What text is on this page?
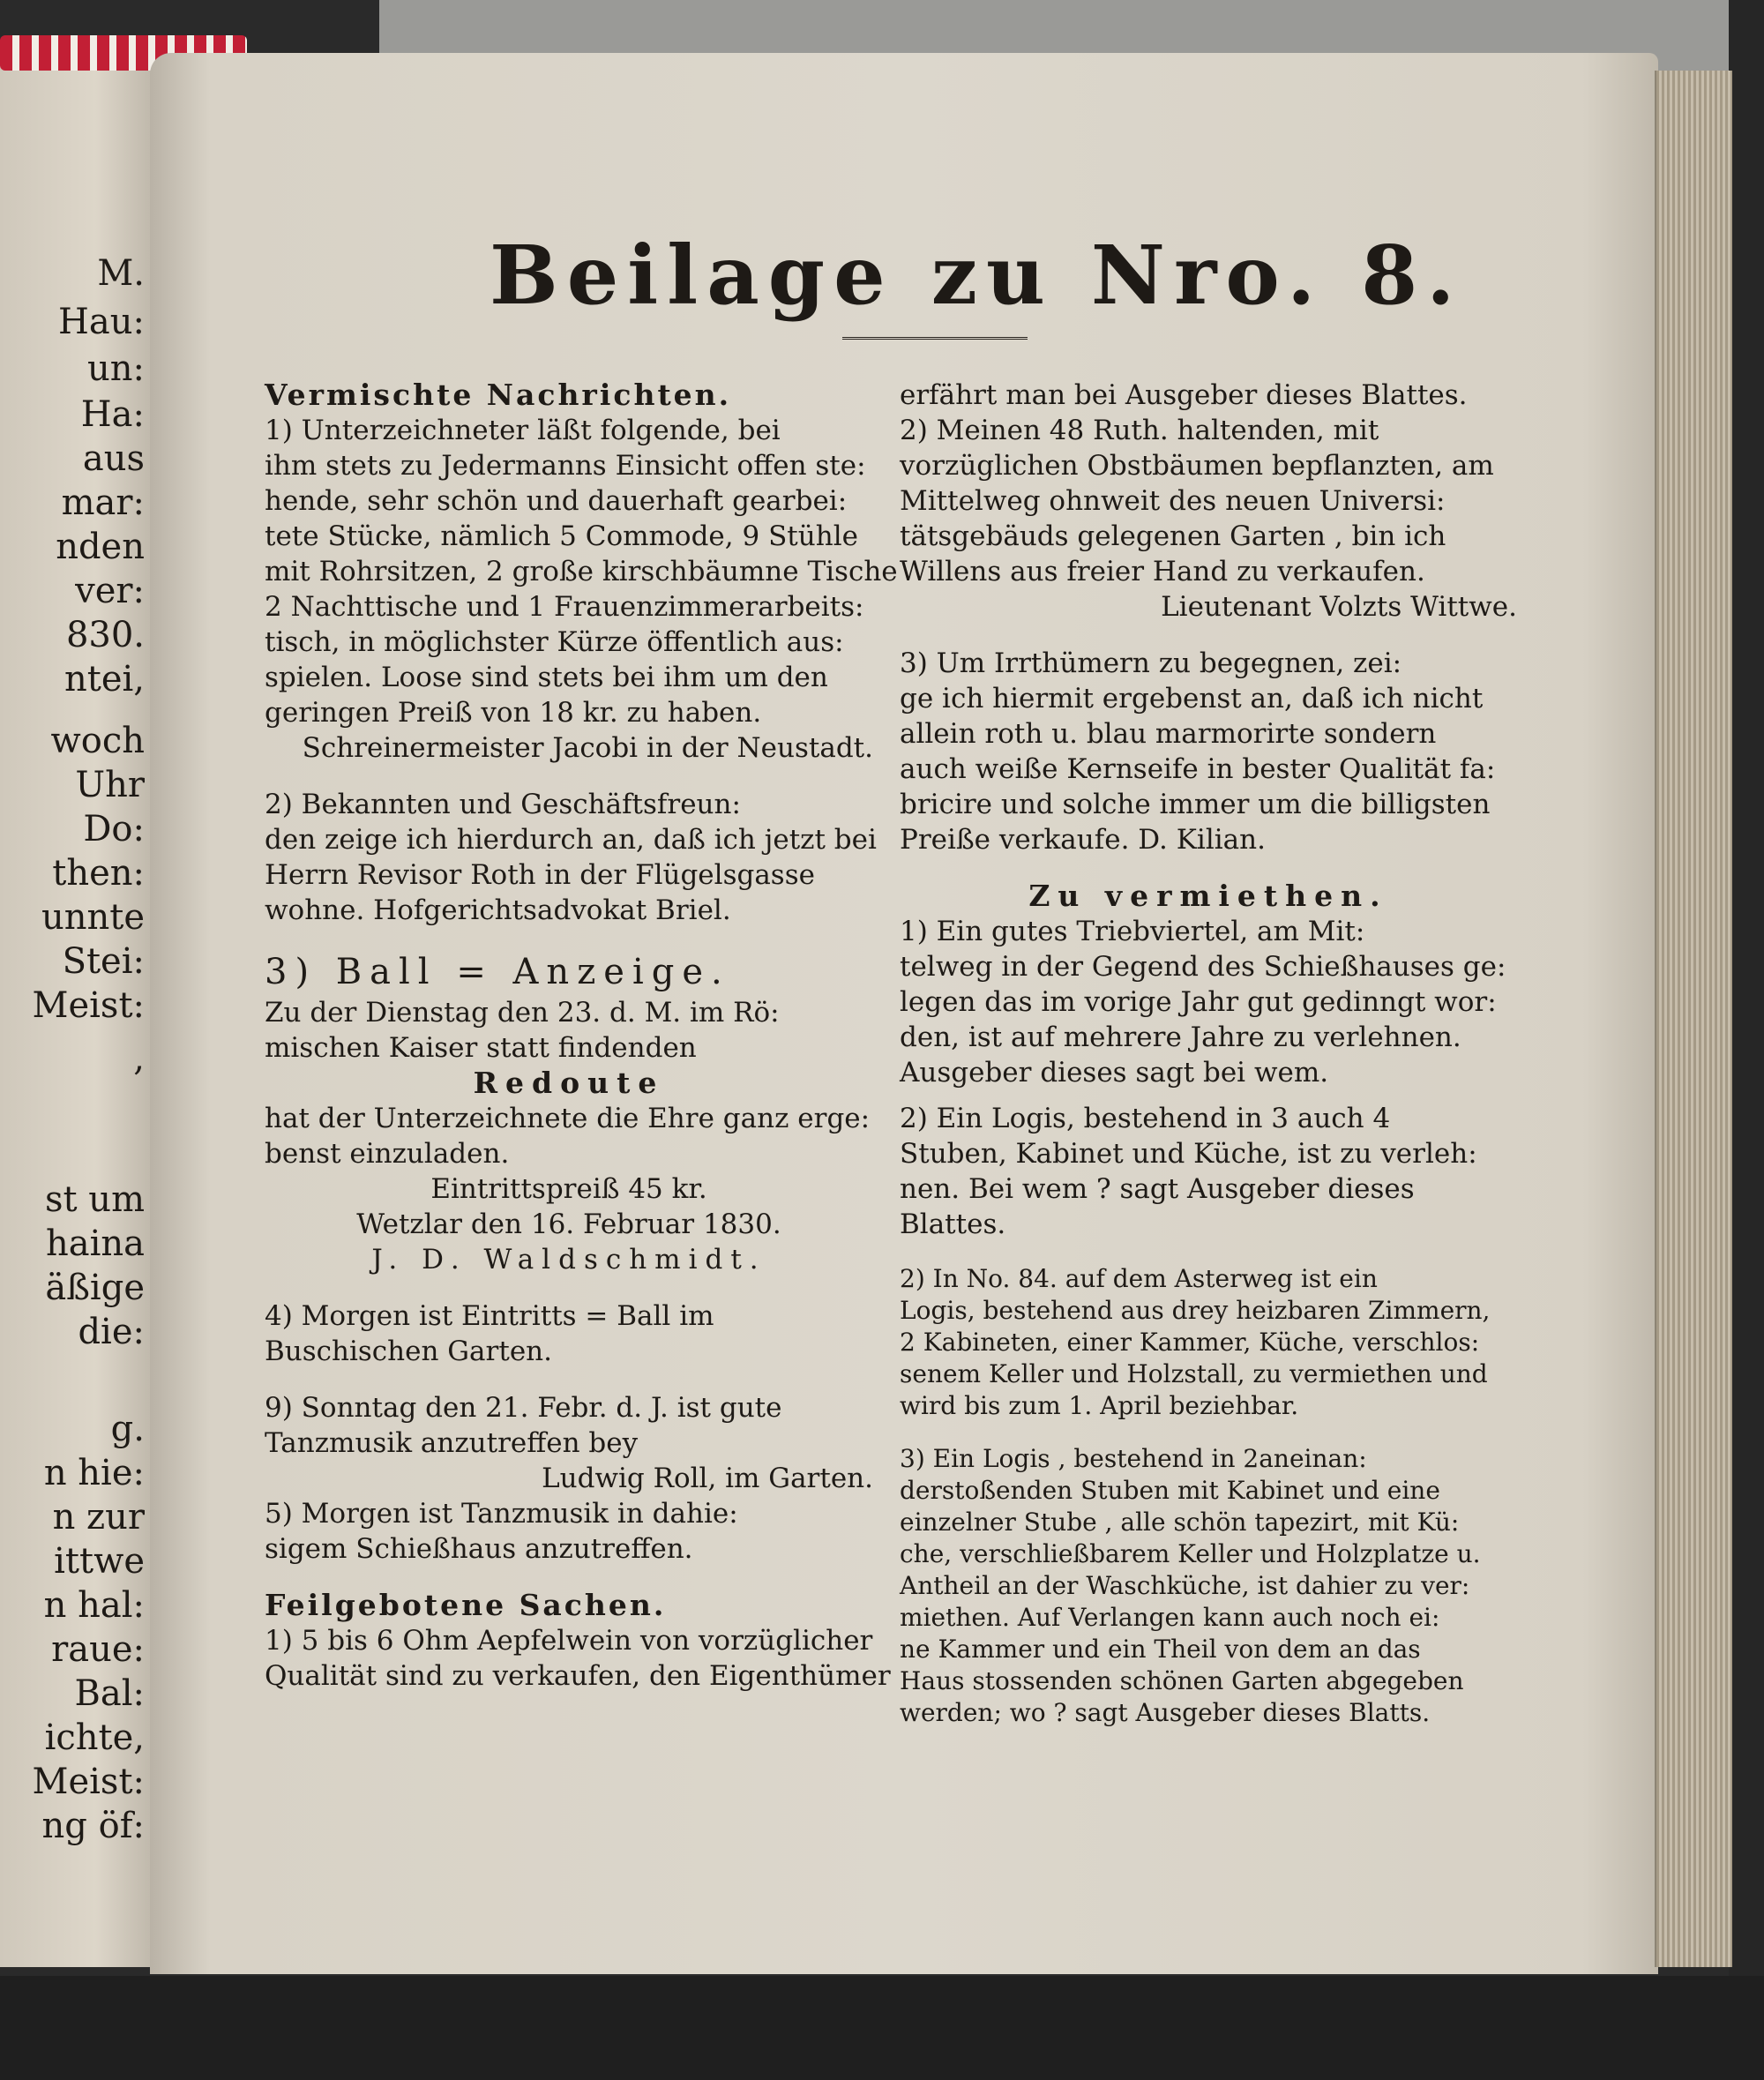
M.
Hau:
un:
Ha:
aus
mar:
nden
ver:
830.
ntei,
woch
Uhr
Do:
then:
unnte
Stei:
Meist:
,
st um
haina
äßige
die:
g.
n hie:
n zur
ittwe
n hal:
raue:
Bal:
ichte,
Meist:
ng öf:
Beilage zu Nro. 8.

Vermischte Nachrichten.

1) Unterzeichneter läßt folgende, bei

ihm stets zu Jedermanns Einsicht offen ste:

hende, sehr schön und dauerhaft gearbei:

tete Stücke, nämlich 5 Commode, 9 Stühle

mit Rohrsitzen, 2 große kirschbäumne Tische

2 Nachttische und 1 Frauenzimmerarbeits:

tisch, in möglichster Kürze öffentlich aus:

spielen. Loose sind stets bei ihm um den

geringen Preiß von 18 kr. zu haben.

Schreinermeister Jacobi in der Neustadt.

2) Bekannten und Geschäftsfreun:

den zeige ich hierdurch an, daß ich jetzt bei

Herrn Revisor Roth in der Flügelsgasse

wohne. Hofgerichtsadvokat Briel.

3) Ball = Anzeige.

Zu der Dienstag den 23. d. M. im Rö:

mischen Kaiser statt findenden

Redoute

hat der Unterzeichnete die Ehre ganz erge:

benst einzuladen.

Eintrittspreiß 45 kr.

Wetzlar den 16. Februar 1830.

J. D. Waldschmidt.

4) Morgen ist Eintritts = Ball im

Buschischen Garten.

9) Sonntag den 21. Febr. d. J. ist gute

Tanzmusik anzutreffen bey

Ludwig Roll, im Garten.

5) Morgen ist Tanzmusik in dahie:

sigem Schießhaus anzutreffen.

Feilgebotene Sachen.

1) 5 bis 6 Ohm Aepfelwein von vorzüglicher

Qualität sind zu verkaufen, den Eigenthümer

erfährt man bei Ausgeber dieses Blattes.

2) Meinen 48 Ruth. haltenden, mit

vorzüglichen Obstbäumen bepflanzten, am

Mittelweg ohnweit des neuen Universi:

tätsgebäuds gelegenen Garten , bin ich

Willens aus freier Hand zu verkaufen.

Lieutenant Volzts Wittwe.

3) Um Irrthümern zu begegnen, zei:

ge ich hiermit ergebenst an, daß ich nicht

allein roth u. blau marmorirte sondern

auch weiße Kernseife in bester Qualität fa:

bricire und solche immer um die billigsten

Preiße verkaufe. D. Kilian.

Zu vermiethen.

1) Ein gutes Triebviertel, am Mit:

telweg in der Gegend des Schießhauses ge:

legen das im vorige Jahr gut gedinngt wor:

den, ist auf mehrere Jahre zu verlehnen.

Ausgeber dieses sagt bei wem.

2) Ein Logis, bestehend in 3 auch 4

Stuben, Kabinet und Küche, ist zu verleh:

nen. Bei wem ? sagt Ausgeber dieses

Blattes.

2) In No. 84. auf dem Asterweg ist ein

Logis, bestehend aus drey heizbaren Zimmern,

2 Kabineten, einer Kammer, Küche, verschlos:

senem Keller und Holzstall, zu vermiethen und

wird bis zum 1. April beziehbar.

3) Ein Logis , bestehend in 2aneinan:

derstoßenden Stuben mit Kabinet und eine

einzelner Stube , alle schön tapezirt, mit Kü:

che, verschließbarem Keller und Holzplatze u.

Antheil an der Waschküche, ist dahier zu ver:

miethen. Auf Verlangen kann auch noch ei:

ne Kammer und ein Theil von dem an das

Haus stossenden schönen Garten abgegeben

werden; wo ? sagt Ausgeber dieses Blatts.
